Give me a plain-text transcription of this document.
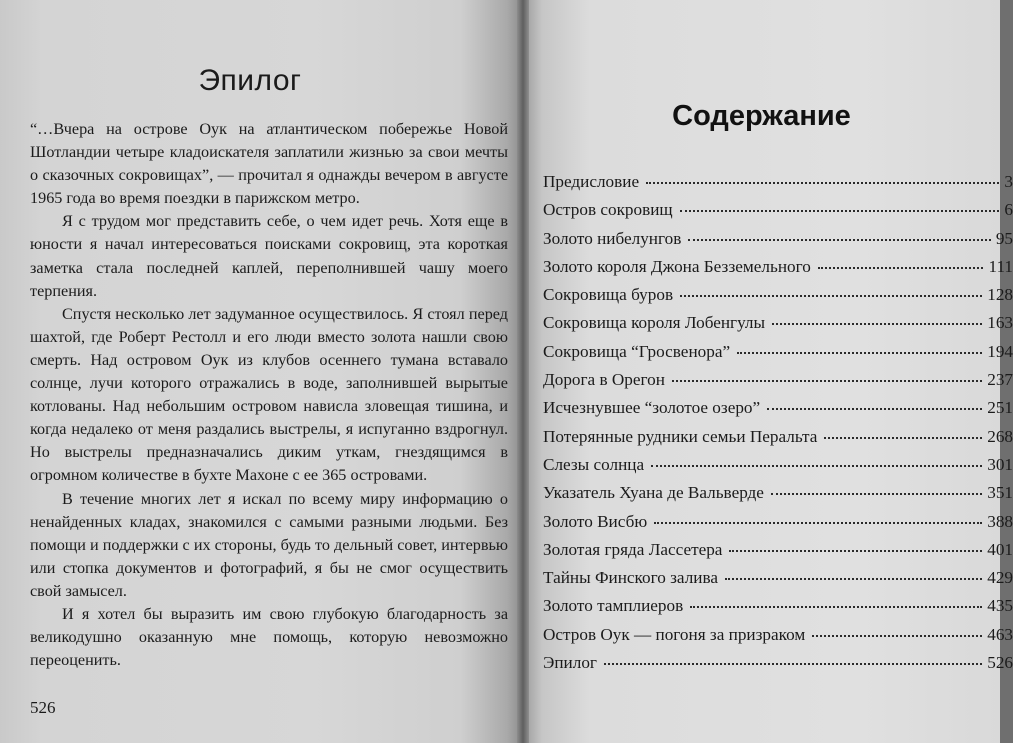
Эпилог

“…Вчера на острове Оук на атлантическом побережье Новой Шотландии четыре кладоискателя заплатили жизнью за свои мечты о сказочных сокровищах”, — прочитал я однажды вечером в августе 1965 года во время поездки в парижском метро.

Я с трудом мог представить себе, о чем идет речь. Хотя еще в юности я начал интересоваться поисками сокровищ, эта короткая заметка стала последней каплей, переполнившей чашу моего терпения.

Спустя несколько лет задуманное осуществилось. Я стоял перед шахтой, где Роберт Рестолл и его люди вместо золота нашли свою смерть. Над островом Оук из клубов осеннего тумана вставало солнце, лучи которого отражались в воде, заполнившей вырытые котлованы. Над небольшим островом нависла зловещая тишина, и когда недалеко от меня раздались выстрелы, я испуганно вздрогнул. Но выстрелы предназначались диким уткам, гнездящимся в огромном количестве в бухте Махоне с ее 365 островами.

В течение многих лет я искал по всему миру информацию о ненайденных кладах, знакомился с самыми разными людьми. Без помощи и поддержки с их стороны, будь то дельный совет, интервью или стопка документов и фотографий, я бы не смог осуществить свой замысел.

И я хотел бы выразить им свою глубокую благодарность за великодушно оказанную мне помощь, которую невозможно переоценить.

526
Содержание
Предисловие	3
Остров сокровищ	6
Золото нибелунгов	95
Золото короля Джона Безземельного	111
Сокровища буров	128
Сокровища короля Лобенгулы	163
Сокровища “Гросвенора”	194
Дорога в Орегон	237
Исчезнувшее “золотое озеро”	251
Потерянные рудники семьи Перальта	268
Слезы солнца	301
Указатель Хуана де Вальверде	351
Золото Висбю	388
Золотая гряда Лассетера	401
Тайны Финского залива	429
Золото тамплиеров	435
Остров Оук — погоня за призраком	463
Эпилог	526
